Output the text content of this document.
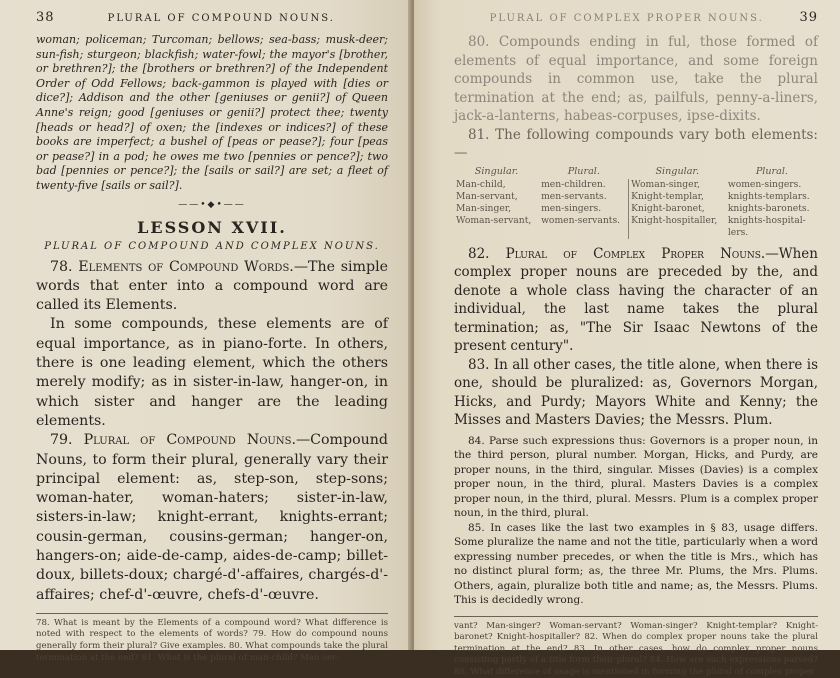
38	PLURAL OF COMPOUND NOUNS.

woman; policeman; Turcoman; bellows; sea-bass; musk-deer; sun-fish; sturgeon; blackfish; water-fowl; the mayor's [brother, or brethren?]; the [brothers or brethren?] of the Independent Order of Odd Fellows; back-gammon is played with [dies or dice?]; Addison and the other [geniuses or genii?] of Queen Anne's reign; good [geniuses or genii?] protect thee; twenty [heads or head?] of oxen; the [indexes or indices?] of these books are imperfect; a bushel of [peas or pease?]; four [peas or pease?] in a pod; he owes me two [pennies or pence?]; two bad [pennies or pence?]; the [sails or sail?] are set; a fleet of twenty-five [sails or sail?].

——•◆•——
LESSON XVII.
PLURAL OF COMPOUND AND COMPLEX NOUNS.

78. Elements of Compound Words.—The simple words that enter into a compound word are called its Elements.

In some compounds, these elements are of equal importance, as in piano-forte. In others, there is one leading element, which the others merely modify; as in sister-in-law, hanger-on, in which sister and hanger are the leading elements.

79. Plural of Compound Nouns.—Compound Nouns, to form their plural, generally vary their principal element: as, step-son, step-sons; woman-hater, woman-haters; sister-in-law, sisters-in-law; knight-errant, knights-errant; cousin-german, cousins-german; hanger-on, hangers-on; aide-de-camp, aides-de-camp; billet-doux, billets-doux; chargé-d'-affaires, chargés-d'-affaires; chef-d'-œuvre, chefs-d'-œuvre.

78. What is meant by the Elements of a compound word? What difference is noted with respect to the elements of words? 79. How do compound nouns generally form their plural? Give examples. 80. What compounds take the plural termination at the end? 81. What is the plural of man-child? Man-ser-

PLURAL OF COMPLEX PROPER NOUNS.	39

80. Compounds ending in ful, those formed of elements of equal importance, and some foreign compounds in common use, take the plural termination at the end; as, pailfuls, penny-a-liners, jack-a-lanterns, habeas-corpuses, ipse-dixits.

81. The following compounds vary both elements:—

Singular.	Plural.	Singular.	Plural.
Man-child,	men-children.	Woman-singer,	women-singers.
Man-servant,	men-servants.	Knight-templar,	knights-templars.
Man-singer,	men-singers.	Knight-baronet,	knights-baronets.
Woman-servant,	women-servants.	Knight-hospitaller,	knights-hospital-
			lers.

82. Plural of Complex Proper Nouns.—When complex proper nouns are preceded by the, and denote a whole class having the character of an individual, the last name takes the plural termination; as, "The Sir Isaac Newtons of the present century".

83. In all other cases, the title alone, when there is one, should be pluralized: as, Governors Morgan, Hicks, and Purdy; Mayors White and Kenny; the Misses and Masters Davies; the Messrs. Plum.

84. Parse such expressions thus: Governors is a proper noun, in the third person, plural number. Morgan, Hicks, and Purdy, are proper nouns, in the third, singular. Misses (Davies) is a complex proper noun, in the third, plural. Masters Davies is a complex proper noun, in the third, plural. Messrs. Plum is a complex proper noun, in the third, plural.

85. In cases like the last two examples in § 83, usage differs. Some pluralize the name and not the title, particularly when a word expressing number precedes, or when the title is Mrs., which has no distinct plural form; as, the three Mr. Plums, the Mrs. Plums. Others, again, pluralize both title and name; as, the Messrs. Plums. This is decidedly wrong.

vant? Man-singer? Woman-servant? Woman-singer? Knight-templar? Knight-baronet? Knight-hospitaller? 82. When do complex proper nouns take the plural termination at the end? 83. In other cases, how do complex proper nouns consisting partly of a title form their plural? 84. How are such expressions parsed? 85. What difference of usage is mentioned in forming the plural of complex proper
